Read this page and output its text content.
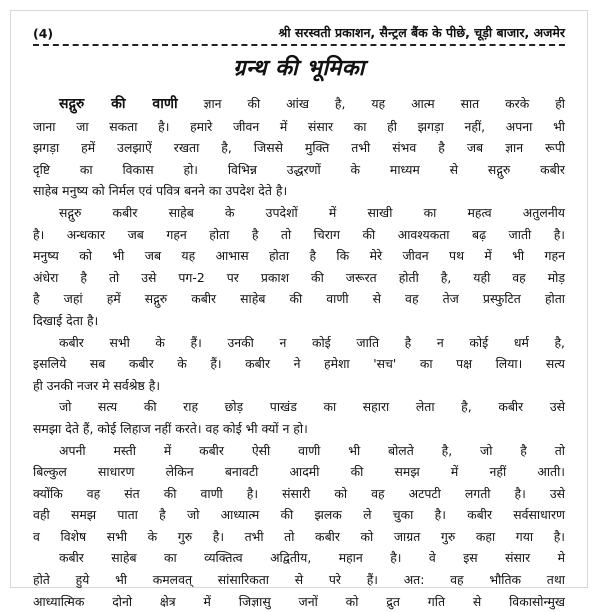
(4)	श्री सरस्वती प्रकाशन, सैन्ट्रल बैंक के पीछे, चूड़ी बाजार, अजमेर
ग्रन्थ की भूमिका

सद्गुरु की वाणी ज्ञान की आंख है, यह आत्म सात करके ही
जाना जा सकता है। हमारे जीवन में संसार का ही झगड़ा नहीं, अपना भी
झगड़ा हमें उलझाऐं रखता है, जिससे मुक्ति तभी संभव है जब ज्ञान रूपी
दृष्टि का विकास हो। विभिन्न उद्धरणों के माध्यम से सद्गुरु कबीर
साहेब मनुष्य को निर्मल एवं पवित्र बनने का उपदेश देते है।

सद्गुरु कबीर साहेब के उपदेशों में साखी का महत्व अतुलनीय
है। अन्धकार जब गहन होता है तो चिराग की आवश्यकता बढ़ जाती है।
मनुष्य को भी जब यह आभास होता है कि मेरे जीवन पथ में भी गहन
अंधेरा है तो उसे पग-2 पर प्रकाश की जरूरत होती है, यही वह मोड़
है जहां हमें सद्गुरु कबीर साहेब की वाणी से वह तेज प्रस्फुटित होता
दिखाई देता है।

कबीर सभी के हैं। उनकी न कोई जाति है न कोई धर्म है,
इसलिये सब कबीर के हैं। कबीर ने हमेशा 'सच' का पक्ष लिया। सत्य
ही उनकी नजर मे सर्वश्रेष्ठ है।

जो सत्य की राह छोड़ पाखंड का सहारा लेता है, कबीर उसे
समझा देते हैं, कोई लिहाज नहीं करते। वह कोई भी क्यों न हो।

अपनी मस्ती में कबीर ऐसी वाणी भी बोलते है, जो है तो
बिल्कुल साधारण लेकिन बनावटी आदमी की समझ में नहीं आती।
क्योंकि वह संत की वाणी है। संसारी को वह अटपटी लगती है। उसे
वही समझ पाता है जो आध्यात्म की झलक ले चुका है। कबीर सर्वसाधारण
व विशेष सभी के गुरु है। तभी तो कबीर को जाग्रत गुरु कहा गया है।

कबीर साहेब का व्यक्तित्व अद्वितीय, महान है। वे इस संसार मे
होते हुये भी कमलवत् सांसारिकता से परे हैं। अत: वह भौतिक तथा
आध्यात्मिक दोनो क्षेत्र में जिज्ञासु जनों को द्रुत गति से विकासोन्मुख
